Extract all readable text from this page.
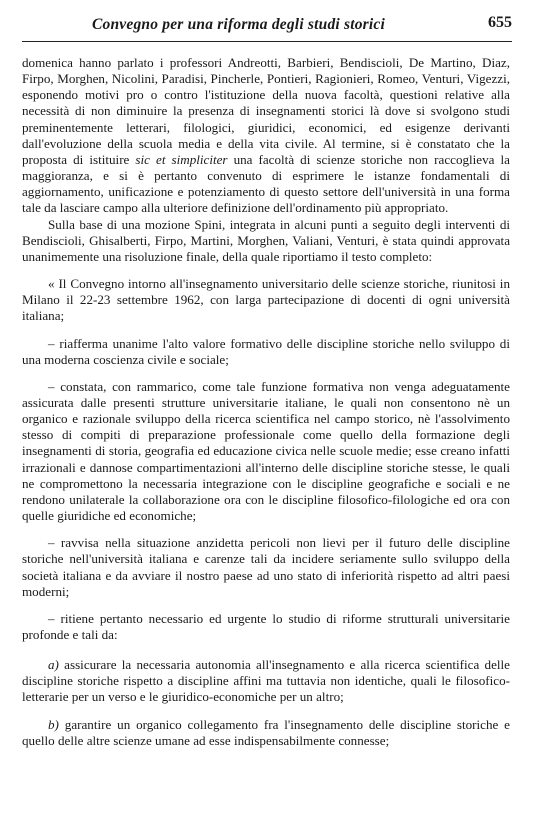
Convegno per una riforma degli studi storici	655

domenica hanno parlato i professori Andreotti, Barbieri, Bendiscioli, De Martino, Diaz, Firpo, Morghen, Nicolini, Paradisi, Pincherle, Pontieri, Ragionieri, Romeo, Venturi, Vigezzi, esponendo motivi pro o contro l'istituzione della nuova facoltà, questioni relative alla necessità di non diminuire la presenza di insegnamenti storici là dove si svolgono studi preminentemente letterari, filologici, giuridici, economici, ed esigenze derivanti dall'evoluzione della scuola media e della vita civile. Al termine, si è constatato che la proposta di istituire sic et simpliciter una facoltà di scienze storiche non raccoglieva la maggioranza, e si è pertanto convenuto di esprimere le istanze fondamentali di aggiornamento, unificazione e potenziamento di questo settore dell'università in una forma tale da lasciare campo alla ulteriore definizione dell'ordinamento più appropriato.

Sulla base di una mozione Spini, integrata in alcuni punti a seguito degli interventi di Bendiscioli, Ghisalberti, Firpo, Martini, Morghen, Valiani, Venturi, è stata quindi approvata unanimemente una risoluzione finale, della quale riportiamo il testo completo:

« Il Convegno intorno all'insegnamento universitario delle scienze storiche, riunitosi in Milano il 22-23 settembre 1962, con larga partecipazione di docenti di ogni università italiana;

– riafferma unanime l'alto valore formativo delle discipline storiche nello sviluppo di una moderna coscienza civile e sociale;

– constata, con rammarico, come tale funzione formativa non venga adeguatamente assicurata dalle presenti strutture universitarie italiane, le quali non consentono nè un organico e razionale sviluppo della ricerca scientifica nel campo storico, nè l'assolvimento stesso di compiti di preparazione professionale come quello della formazione degli insegnamenti di storia, geografia ed educazione civica nelle scuole medie; esse creano infatti irrazionali e dannose compartimentazioni all'interno delle discipline storiche stesse, le quali ne compromettono la necessaria integrazione con le discipline geografiche e sociali e ne rendono unilaterale la collaborazione ora con le discipline filosofico-filologiche ed ora con quelle giuridiche ed economiche;

– ravvisa nella situazione anzidetta pericoli non lievi per il futuro delle discipline storiche nell'università italiana e carenze tali da incidere seriamente sullo sviluppo della società italiana e da avviare il nostro paese ad uno stato di inferiorità rispetto ad altri paesi moderni;

– ritiene pertanto necessario ed urgente lo studio di riforme strutturali universitarie profonde e tali da:

a) assicurare la necessaria autonomia all'insegnamento e alla ricerca scientifica delle discipline storiche rispetto a discipline affini ma tuttavia non identiche, quali le filosofico-letterarie per un verso e le giuridico-economiche per un altro;

b) garantire un organico collegamento fra l'insegnamento delle discipline storiche e quello delle altre scienze umane ad esse indispensabilmente connesse;
